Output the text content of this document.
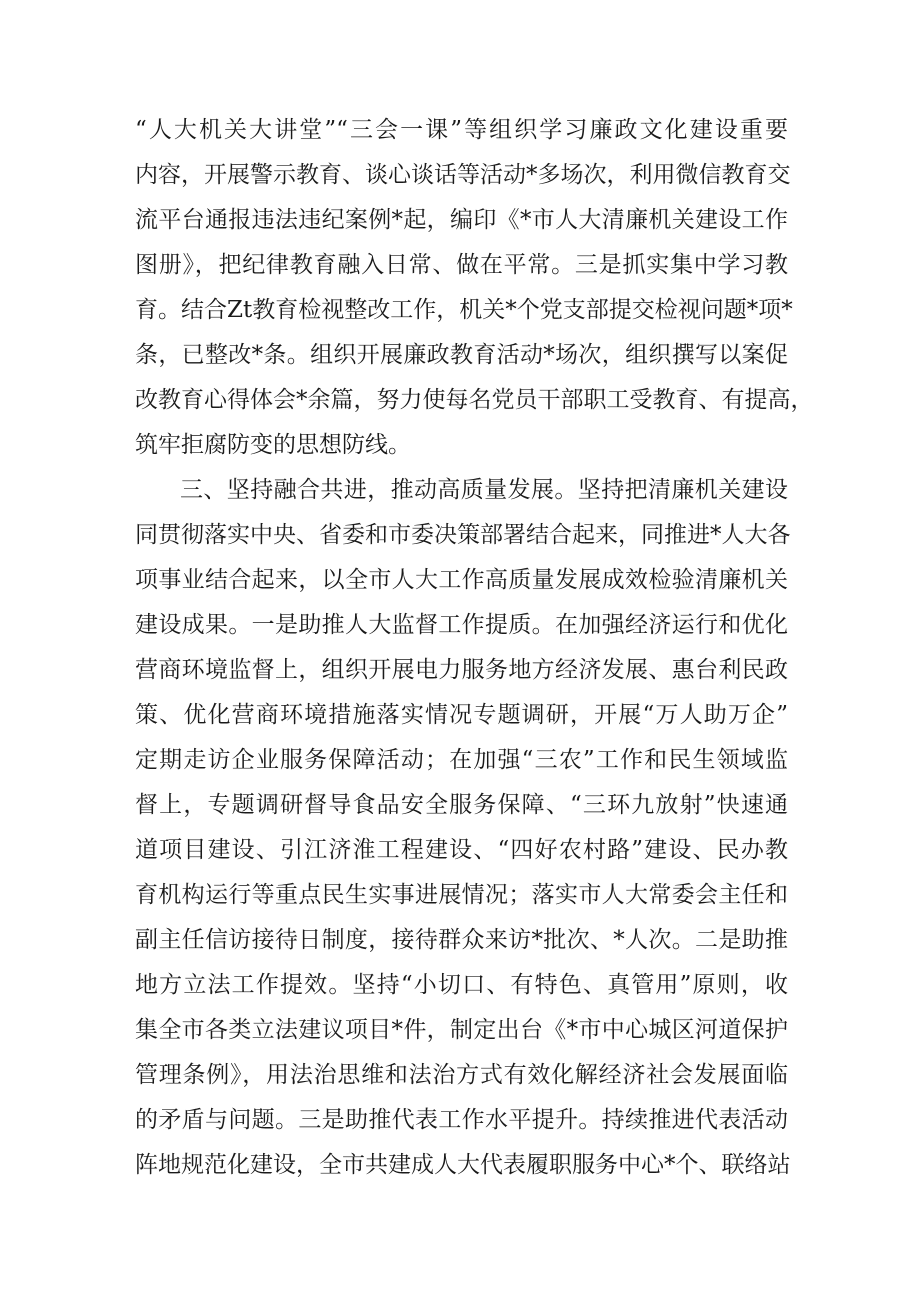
“人大机关大讲堂”“三会一课”等组织学习廉政文化建设重要
内容，开展警示教育、谈心谈话等活动*多场次，利用微信教育交
流平台通报违法违纪案例*起，编印《*市人大清廉机关建设工作
图册》，把纪律教育融入日常、做在平常。三是抓实集中学习教
育。结合Zt教育检视整改工作，机关*个党支部提交检视问题*项*
条，已整改*条。组织开展廉政教育活动*场次，组织撰写以案促
改教育心得体会*余篇，努力使每名党员干部职工受教育、有提高，
筑牢拒腐防变的思想防线。
三、坚持融合共进，推动高质量发展。坚持把清廉机关建设
同贯彻落实中央、省委和市委决策部署结合起来，同推进*人大各
项事业结合起来，以全市人大工作高质量发展成效检验清廉机关
建设成果。一是助推人大监督工作提质。在加强经济运行和优化
营商环境监督上，组织开展电力服务地方经济发展、惠台利民政
策、优化营商环境措施落实情况专题调研，开展“万人助万企”
定期走访企业服务保障活动；在加强“三农”工作和民生领域监
督上，专题调研督导食品安全服务保障、“三环九放射”快速通
道项目建设、引江济淮工程建设、“四好农村路”建设、民办教
育机构运行等重点民生实事进展情况；落实市人大常委会主任和
副主任信访接待日制度，接待群众来访*批次、*人次。二是助推
地方立法工作提效。坚持“小切口、有特色、真管用”原则，收
集全市各类立法建议项目*件，制定出台《*市中心城区河道保护
管理条例》，用法治思维和法治方式有效化解经济社会发展面临
的矛盾与问题。三是助推代表工作水平提升。持续推进代表活动
阵地规范化建设，全市共建成人大代表履职服务中心*个、联络站
